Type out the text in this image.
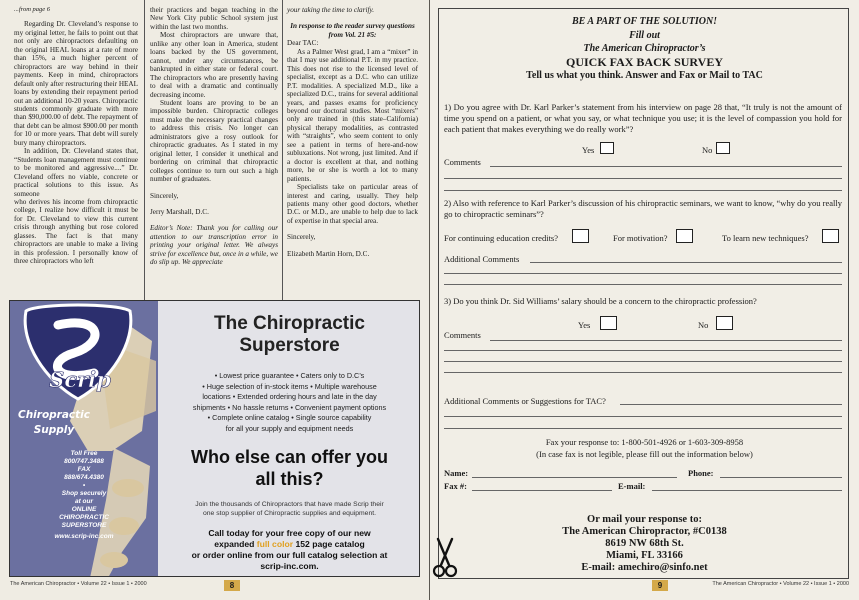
...from page 6

Regarding Dr. Cleveland’s response to my original letter, he fails to point out that not only are chiropractors defaulting on the original HEAL loans at a rate of more than 15%, a much higher percent of chiropractors are way behind in their payments. Keep in mind, chiropractors default only after restructuring their HEAL loans by extending their repayment period out an additional 10-20 years. Chiropractic students commonly graduate with more than $90,000.00 of debt. The repayment of that debt can be almost $900.00 per month for 10 or more years. That debt will surely bury many chiropractors.

In addition, Dr. Cleveland states that, “Students loan management must continue to be monitored and aggressive....” Dr. Cleveland offers no viable, concrete or practical solutions to this issue. As someone

who derives his income from chiropractic college, I realize how difficult it must be for Dr. Cleveland to view this current crisis through anything but rose colored glasses. The fact is that many chiropractors are unable to make a living in this profession. I personally know of three chiropractors who left

their practices and began teaching in the New York City public School system just within the last two months.

Most chiropractors are unware that, unlike any other loan in America, student loans backed by the US government, cannot, under any circumstances, be bankrupted in either state or federal court. The chiropractors who are presently having to deal with a dramatic and continually decreasing income.

Student loans are proving to be an impossible burden. Chiropractic colleges must make the necessary practical changes to address this crisis. No longer can administrators give a rosy outlook for chiropractic graduates. As I stated in my original letter, I consider it unethical and bordering on criminal that chiropractic colleges continue to turn out such a high number of graduates.

Sincerely,

Jerry Marshall, D.C.

Editor’s Note: Thank you for calling our attention to our transcription error in printing your original letter. We always strive for excellence but, once in a while, we do slip up. We appreciate

your taking the time to clarify.

In response to the reader survey questions from Vol. 21 #5:

Dear TAC:

As a Palmer West grad, I am a “mixer” in that I may use additional P.T. in my practice. This does not rise to the licensed level of specialist, except as a D.C. who can utilize P.T. modalities. A specialized M.D., like a specialized D.C., trains for several additional years, and passes exams for proficiency beyond our doctoral studies. Most “mixers” only are trained in (this state–California) physical therapy modalities, as contrasted with “straights”, who seem content to only see a patient in terms of here-and-now subluxations. Not wrong, just limited. And if a doctor is excellent at that, and nothing more, he or she is worth a lot to many patients.

Specialists take on particular areas of interest and caring, usually. They help patients many other good doctors, whether D.C. or M.D., are unable to help due to lack of expertise in that special area.

Sincerely,

Elizabeth Martin Horn, D.C.

Scrip
Chiropractic
Supply
Toll Free
800/747.3488
FAX
888/674.4380
•
Shop securely
at our
ONLINE
CHIROPRACTIC
SUPERSTORE
www.scrip-inc.com
The Chiropractic
Superstore
• Lowest price guarantee • Caters only to D.C’s
• Huge selection of in-stock items • Multiple warehouse
locations • Extended ordering hours and late in the day
shipments • No hassle returns • Convenient payment options
• Complete online catalog • Single source capability
for all your supply and equipment needs
Who else can offer you
all this?
Join the thousands of Chiropractors that have made Scrip their
one stop supplier of Chiropractic supplies and equipment.
Call today for your free copy of our new
expanded full color 152 page catalog
or order online from our full catalog selection at
scrip-inc.com.
The American Chiropractor • Volume 22 • Issue 1 • 2000	8
BE A PART OF THE SOLUTION!
Fill out
The American Chiropractor’s
QUICK FAX BACK SURVEY
Tell us what you think. Answer and Fax or Mail to TAC
1) Do you agree with Dr. Karl Parker’s statement from his interview on page 28 that, “It truly is not the amount of time you spend on a patient, or what you say, or what technique you use; it is the level of compassion you hold for each patient that makes everything we do really work”?
Yes	No
Comments
2) Also with reference to Karl Parker’s discussion of his chiropractic seminars, we want to know, “why do you really go to chiropractic seminars”?
For continuing education credits?	For motivation?	To learn new techniques?
Additional Comments
3) Do you think Dr. Sid Williams’ salary should be a concern to the chiropractic profession?
Yes	No
Comments
Additional Comments or Suggestions for TAC?
Fax your response to: 1-800-501-4926 or 1-603-309-8958
(In case fax is not legible, please fill out the information below)
Name:	Phone:
Fax #:	E-mail:
Or mail your response to:
The American Chiropractor, #C0138
8619 NW 68th St.
Miami, FL 33166
E-mail: amechiro@sinfo.net
9	The American Chiropractor • Volume 22 • Issue 1 • 2000
